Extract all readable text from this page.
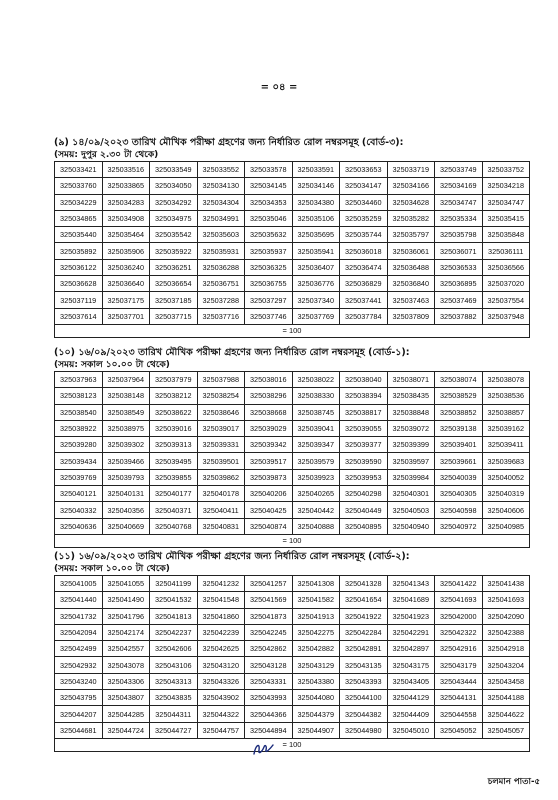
= ০৪ =
(৯) ১৪/০৯/২০২৩ তারিখ মৌখিক পরীক্ষা গ্রহণের জন্য নির্ধারিত রোল নম্বরসমূহ (বোর্ড-৩):
(সময়: দুপুর ২.৩০ টা থেকে)
325033421	325033516	325033549	325033552	325033578	325033591	325033653	325033719	325033749	325033752
325033760	325033865	325034050	325034130	325034145	325034146	325034147	325034166	325034169	325034218
325034229	325034283	325034292	325034304	325034353	325034380	325034460	325034628	325034747	325034747
325034865	325034908	325034975	325034991	325035046	325035106	325035259	325035282	325035334	325035415
325035440	325035464	325035542	325035603	325035632	325035695	325035744	325035797	325035798	325035848
325035892	325035906	325035922	325035931	325035937	325035941	325036018	325036061	325036071	325036111
325036122	325036240	325036251	325036288	325036325	325036407	325036474	325036488	325036533	325036566
325036628	325036640	325036654	325036751	325036755	325036776	325036829	325036840	325036895	325037020
325037119	325037175	325037185	325037288	325037297	325037340	325037441	325037463	325037469	325037554
325037614	325037701	325037715	325037716	325037746	325037769	325037784	325037809	325037882	325037948
= 100									
(১০) ১৬/০৯/২০২৩ তারিখ মৌখিক পরীক্ষা গ্রহণের জন্য নির্ধারিত রোল নম্বরসমূহ (বোর্ড-১):
(সময়: সকাল ১০.০০ টা থেকে)
325037963	325037964	325037979	325037988	325038016	325038022	325038040	325038071	325038074	325038078
325038123	325038148	325038212	325038254	325038296	325038330	325038394	325038435	325038529	325038536
325038540	325038549	325038622	325038646	325038668	325038745	325038817	325038848	325038852	325038857
325038922	325038975	325039016	325039017	325039029	325039041	325039055	325039072	325039138	325039162
325039280	325039302	325039313	325039331	325039342	325039347	325039377	325039399	325039401	325039411
325039434	325039466	325039495	325039501	325039517	325039579	325039590	325039597	325039661	325039683
325039769	325039793	325039855	325039862	325039873	325039923	325039953	325039984	325040039	325040052
325040121	325040131	325040177	325040178	325040206	325040265	325040298	325040301	325040305	325040319
325040332	325040356	325040371	325040411	325040425	325040442	325040449	325040503	325040598	325040606
325040636	325040669	325040768	325040831	325040874	325040888	325040895	325040940	325040972	325040985
= 100									
(১১) ১৬/০৯/২০২৩ তারিখ মৌখিক পরীক্ষা গ্রহণের জন্য নির্ধারিত রোল নম্বরসমূহ (বোর্ড-২):
(সময়: সকাল ১০.০০ টা থেকে)
325041005	325041055	325041199	325041232	325041257	325041308	325041328	325041343	325041422	325041438
325041440	325041490	325041532	325041548	325041569	325041582	325041654	325041689	325041693	325041693
325041732	325041796	325041813	325041860	325041873	325041913	325041922	325041923	325042000	325042090
325042094	325042174	325042237	325042239	325042245	325042275	325042284	325042291	325042322	325042388
325042499	325042557	325042606	325042625	325042862	325042882	325042891	325042897	325042916	325042918
325042932	325043078	325043106	325043120	325043128	325043129	325043135	325043175	325043179	325043204
325043240	325043306	325043313	325043326	325043331	325043380	325043393	325043405	325043444	325043458
325043795	325043807	325043835	325043902	325043993	325044080	325044100	325044129	325044131	325044188
325044207	325044285	325044311	325044322	325044366	325044379	325044382	325044409	325044558	325044622
325044681	325044724	325044727	325044757	325044894	325044907	325044980	325045010	325045052	325045057
= 100									
চলমান পাতা-৫
